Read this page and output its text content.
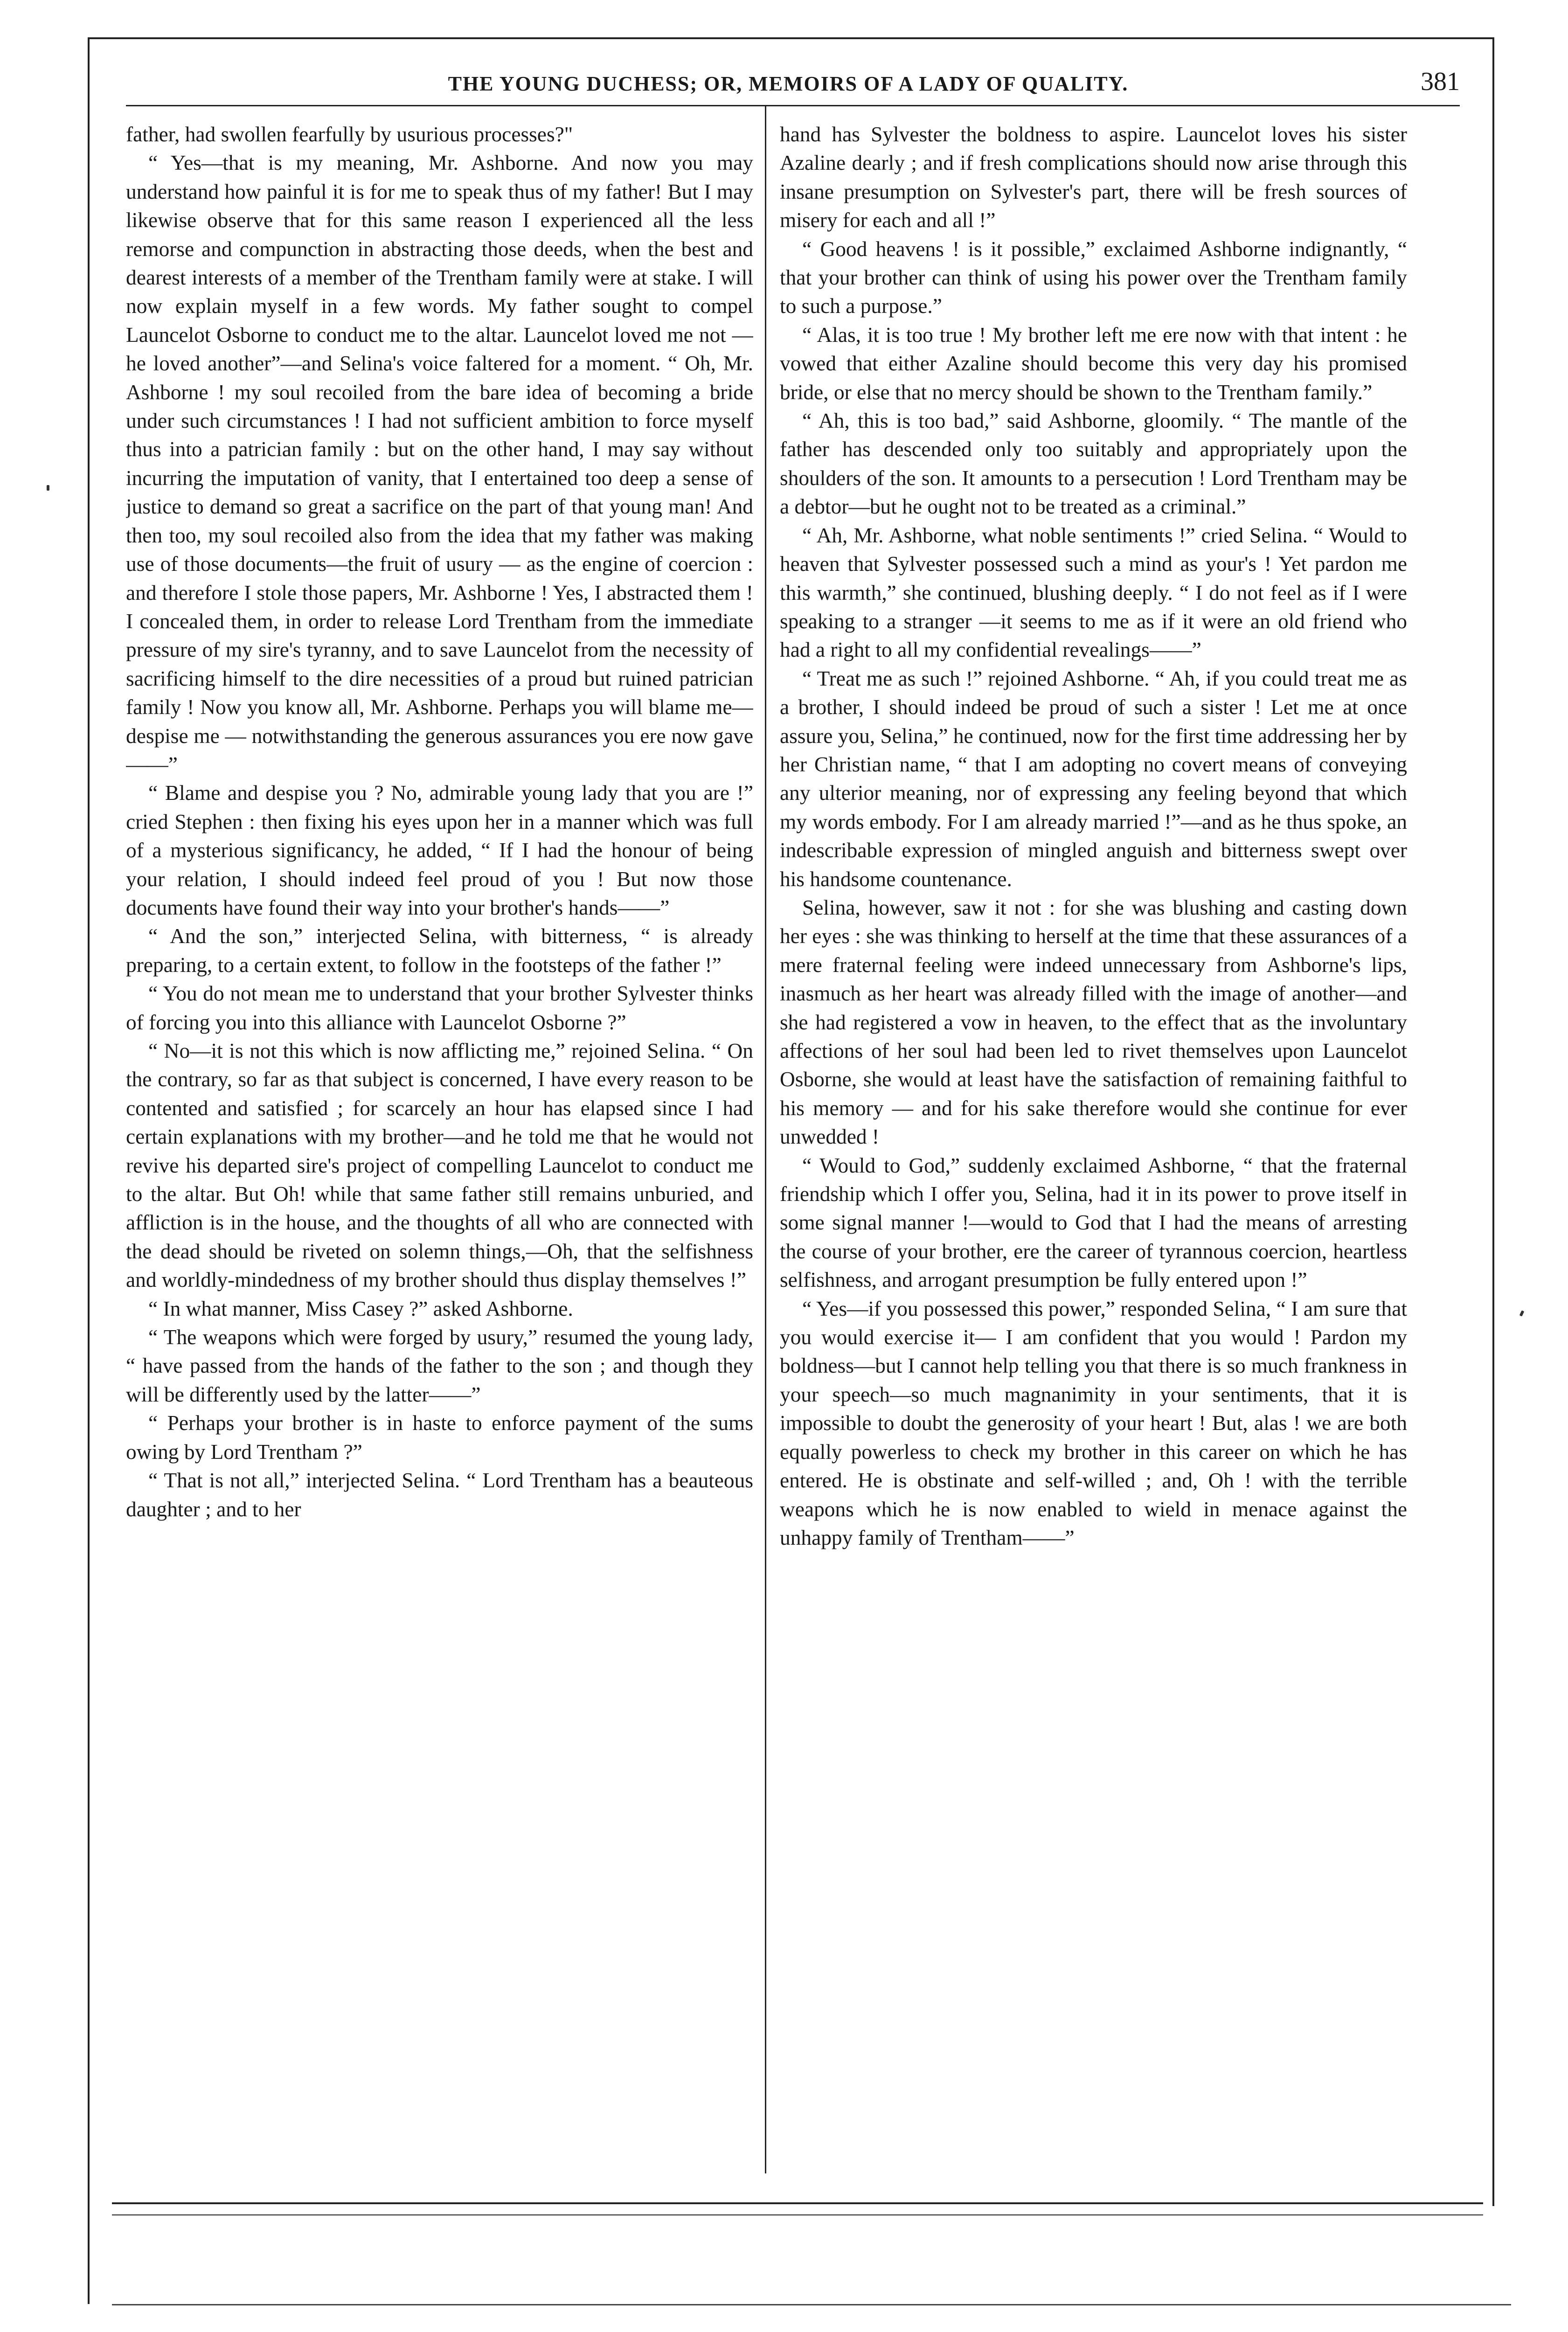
THE YOUNG DUCHESS; OR, MEMOIRS OF A LADY OF QUALITY.	381

father, had swollen fearfully by usurious processes?"

“ Yes—that is my meaning, Mr. Ashborne. And now you may understand how painful it is for me to speak thus of my father! But I may likewise observe that for this same reason I experienced all the less remorse and compunction in abstracting those deeds, when the best and dearest interests of a member of the Trentham family were at stake. I will now explain myself in a few words. My father sought to compel Launcelot Osborne to conduct me to the altar. Launcelot loved me not —he loved another”—and Selina's voice faltered for a moment. “ Oh, Mr. Ashborne ! my soul recoiled from the bare idea of becoming a bride under such circumstances ! I had not sufficient ambition to force myself thus into a patrician family : but on the other hand, I may say without incurring the imputation of vanity, that I entertained too deep a sense of justice to demand so great a sacrifice on the part of that young man! And then too, my soul recoiled also from the idea that my father was making use of those documents—the fruit of usury — as the engine of coercion : and therefore I stole those papers, Mr. Ashborne ! Yes, I abstracted them ! I concealed them, in order to release Lord Trentham from the immediate pressure of my sire's tyranny, and to save Launcelot from the necessity of sacrificing himself to the dire necessities of a proud but ruined patrician family ! Now you know all, Mr. Ashborne. Perhaps you will blame me—despise me — notwithstanding the generous assurances you ere now gave——”

“ Blame and despise you ? No, admirable young lady that you are !” cried Stephen : then fixing his eyes upon her in a manner which was full of a mysterious significancy, he added, “ If I had the honour of being your relation, I should indeed feel proud of you ! But now those documents have found their way into your brother's hands——”

“ And the son,” interjected Selina, with bitterness, “ is already preparing, to a certain extent, to follow in the footsteps of the father !”

“ You do not mean me to understand that your brother Sylvester thinks of forcing you into this alliance with Launcelot Osborne ?”

“ No—it is not this which is now afflicting me,” rejoined Selina. “ On the contrary, so far as that subject is concerned, I have every reason to be contented and satisfied ; for scarcely an hour has elapsed since I had certain explanations with my brother—and he told me that he would not revive his departed sire's project of compelling Launcelot to conduct me to the altar. But Oh! while that same father still remains unburied, and affliction is in the house, and the thoughts of all who are connected with the dead should be riveted on solemn things,—Oh, that the selfishness and worldly-mindedness of my brother should thus display themselves !”

“ In what manner, Miss Casey ?” asked Ashborne.

“ The weapons which were forged by usury,” resumed the young lady, “ have passed from the hands of the father to the son ; and though they will be differently used by the latter——”

“ Perhaps your brother is in haste to enforce payment of the sums owing by Lord Trentham ?”

“ That is not all,” interjected Selina. “ Lord Trentham has a beauteous daughter ; and to her

hand has Sylvester the boldness to aspire. Launcelot loves his sister Azaline dearly ; and if fresh complications should now arise through this insane presumption on Sylvester's part, there will be fresh sources of misery for each and all !”

“ Good heavens ! is it possible,” exclaimed Ashborne indignantly, “ that your brother can think of using his power over the Trentham family to such a purpose.”

“ Alas, it is too true ! My brother left me ere now with that intent : he vowed that either Azaline should become this very day his promised bride, or else that no mercy should be shown to the Trentham family.”

“ Ah, this is too bad,” said Ashborne, gloomily. “ The mantle of the father has descended only too suitably and appropriately upon the shoulders of the son. It amounts to a persecution ! Lord Trentham may be a debtor—but he ought not to be treated as a criminal.”

“ Ah, Mr. Ashborne, what noble sentiments !” cried Selina. “ Would to heaven that Sylvester possessed such a mind as your's ! Yet pardon me this warmth,” she continued, blushing deeply. “ I do not feel as if I were speaking to a stranger —it seems to me as if it were an old friend who had a right to all my confidential revealings——”

“ Treat me as such !” rejoined Ashborne. “ Ah, if you could treat me as a brother, I should indeed be proud of such a sister ! Let me at once assure you, Selina,” he continued, now for the first time addressing her by her Christian name, “ that I am adopting no covert means of conveying any ulterior meaning, nor of expressing any feeling beyond that which my words embody. For I am already married !”—and as he thus spoke, an indescribable expression of mingled anguish and bitterness swept over his handsome countenance.

Selina, however, saw it not : for she was blushing and casting down her eyes : she was thinking to herself at the time that these assurances of a mere fraternal feeling were indeed unnecessary from Ashborne's lips, inasmuch as her heart was already filled with the image of another—and she had registered a vow in heaven, to the effect that as the involuntary affections of her soul had been led to rivet themselves upon Launcelot Osborne, she would at least have the satisfaction of remaining faithful to his memory — and for his sake therefore would she continue for ever unwedded !

“ Would to God,” suddenly exclaimed Ashborne, “ that the fraternal friendship which I offer you, Selina, had it in its power to prove itself in some signal manner !—would to God that I had the means of arresting the course of your brother, ere the career of tyrannous coercion, heartless selfishness, and arrogant presumption be fully entered upon !”

“ Yes—if you possessed this power,” responded Selina, “ I am sure that you would exercise it— I am confident that you would ! Pardon my boldness—but I cannot help telling you that there is so much frankness in your speech—so much magnanimity in your sentiments, that it is impossible to doubt the generosity of your heart ! But, alas ! we are both equally powerless to check my brother in this career on which he has entered. He is obstinate and self-willed ; and, Oh ! with the terrible weapons which he is now enabled to wield in menace against the unhappy family of Trentham——”
